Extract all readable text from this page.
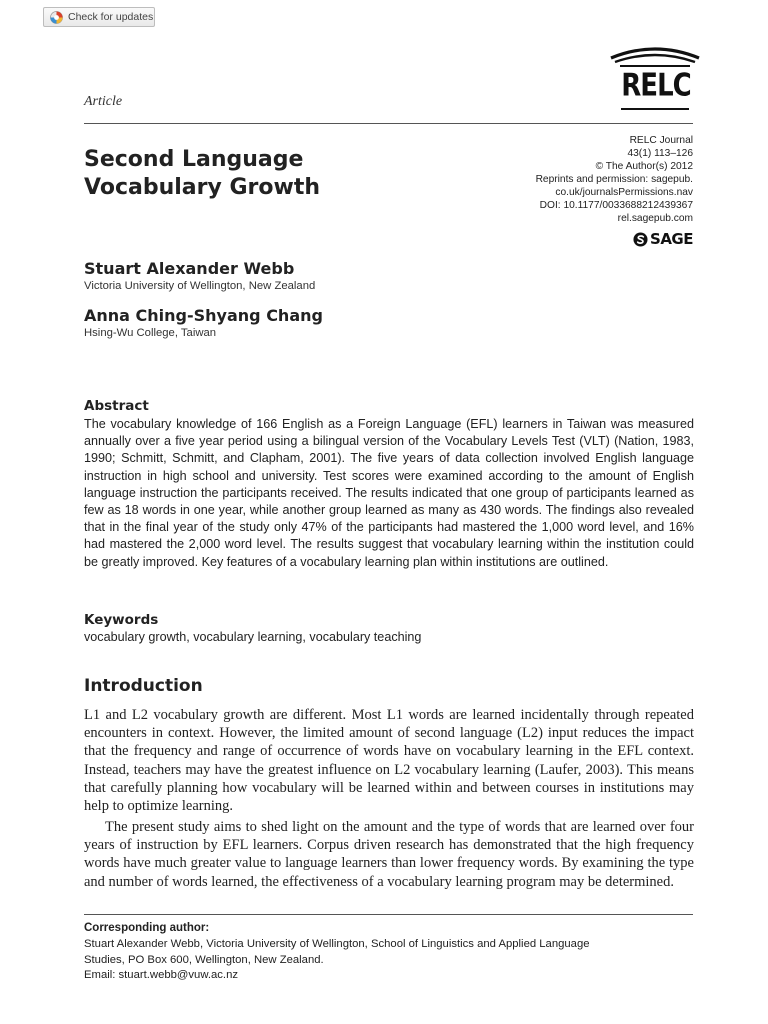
Check for updates
Article	RELC
Second Language
Vocabulary Growth
RELC Journal
43(1) 113–126
© The Author(s) 2012
Reprints and permission: sagepub.
co.uk/journalsPermissions.nav
DOI: 10.1177/0033688212439367
rel.sagepub.com
SAGE
Stuart Alexander Webb
Victoria University of Wellington, New Zealand
Anna Ching-Shyang Chang
Hsing-Wu College, Taiwan
Abstract

The vocabulary knowledge of 166 English as a Foreign Language (EFL) learners in Taiwan was measured annually over a five year period using a bilingual version of the Vocabulary Levels Test (VLT) (Nation, 1983, 1990; Schmitt, Schmitt, and Clapham, 2001). The five years of data collection involved English language instruction in high school and university. Test scores were examined according to the amount of English language instruction the participants received. The results indicated that one group of participants learned as few as 18 words in one year, while another group learned as many as 430 words. The findings also revealed that in the final year of the study only 47% of the participants had mastered the 1,000 word level, and 16% had mastered the 2,000 word level. The results suggest that vocabulary learning within the institution could be greatly improved. Key features of a vocabulary learning plan within institutions are outlined.

Keywords
vocabulary growth, vocabulary learning, vocabulary teaching
Introduction

L1 and L2 vocabulary growth are different. Most L1 words are learned incidentally through repeated encounters in context. However, the limited amount of second language (L2) input reduces the impact that the frequency and range of occurrence of words have on vocabulary learning in the EFL context. Instead, teachers may have the greatest influence on L2 vocabulary learning (Laufer, 2003). This means that carefully planning how vocabulary will be learned within and between courses in institutions may help to optimize learning.

The present study aims to shed light on the amount and the type of words that are learned over four years of instruction by EFL learners. Corpus driven research has demonstrated that the high frequency words have much greater value to language learners than lower frequency words. By examining the type and number of words learned, the effectiveness of a vocabulary learning program may be determined.

Corresponding author:
Stuart Alexander Webb, Victoria University of Wellington, School of Linguistics and Applied Language
Studies, PO Box 600, Wellington, New Zealand.
Email: stuart.webb@vuw.ac.nz
